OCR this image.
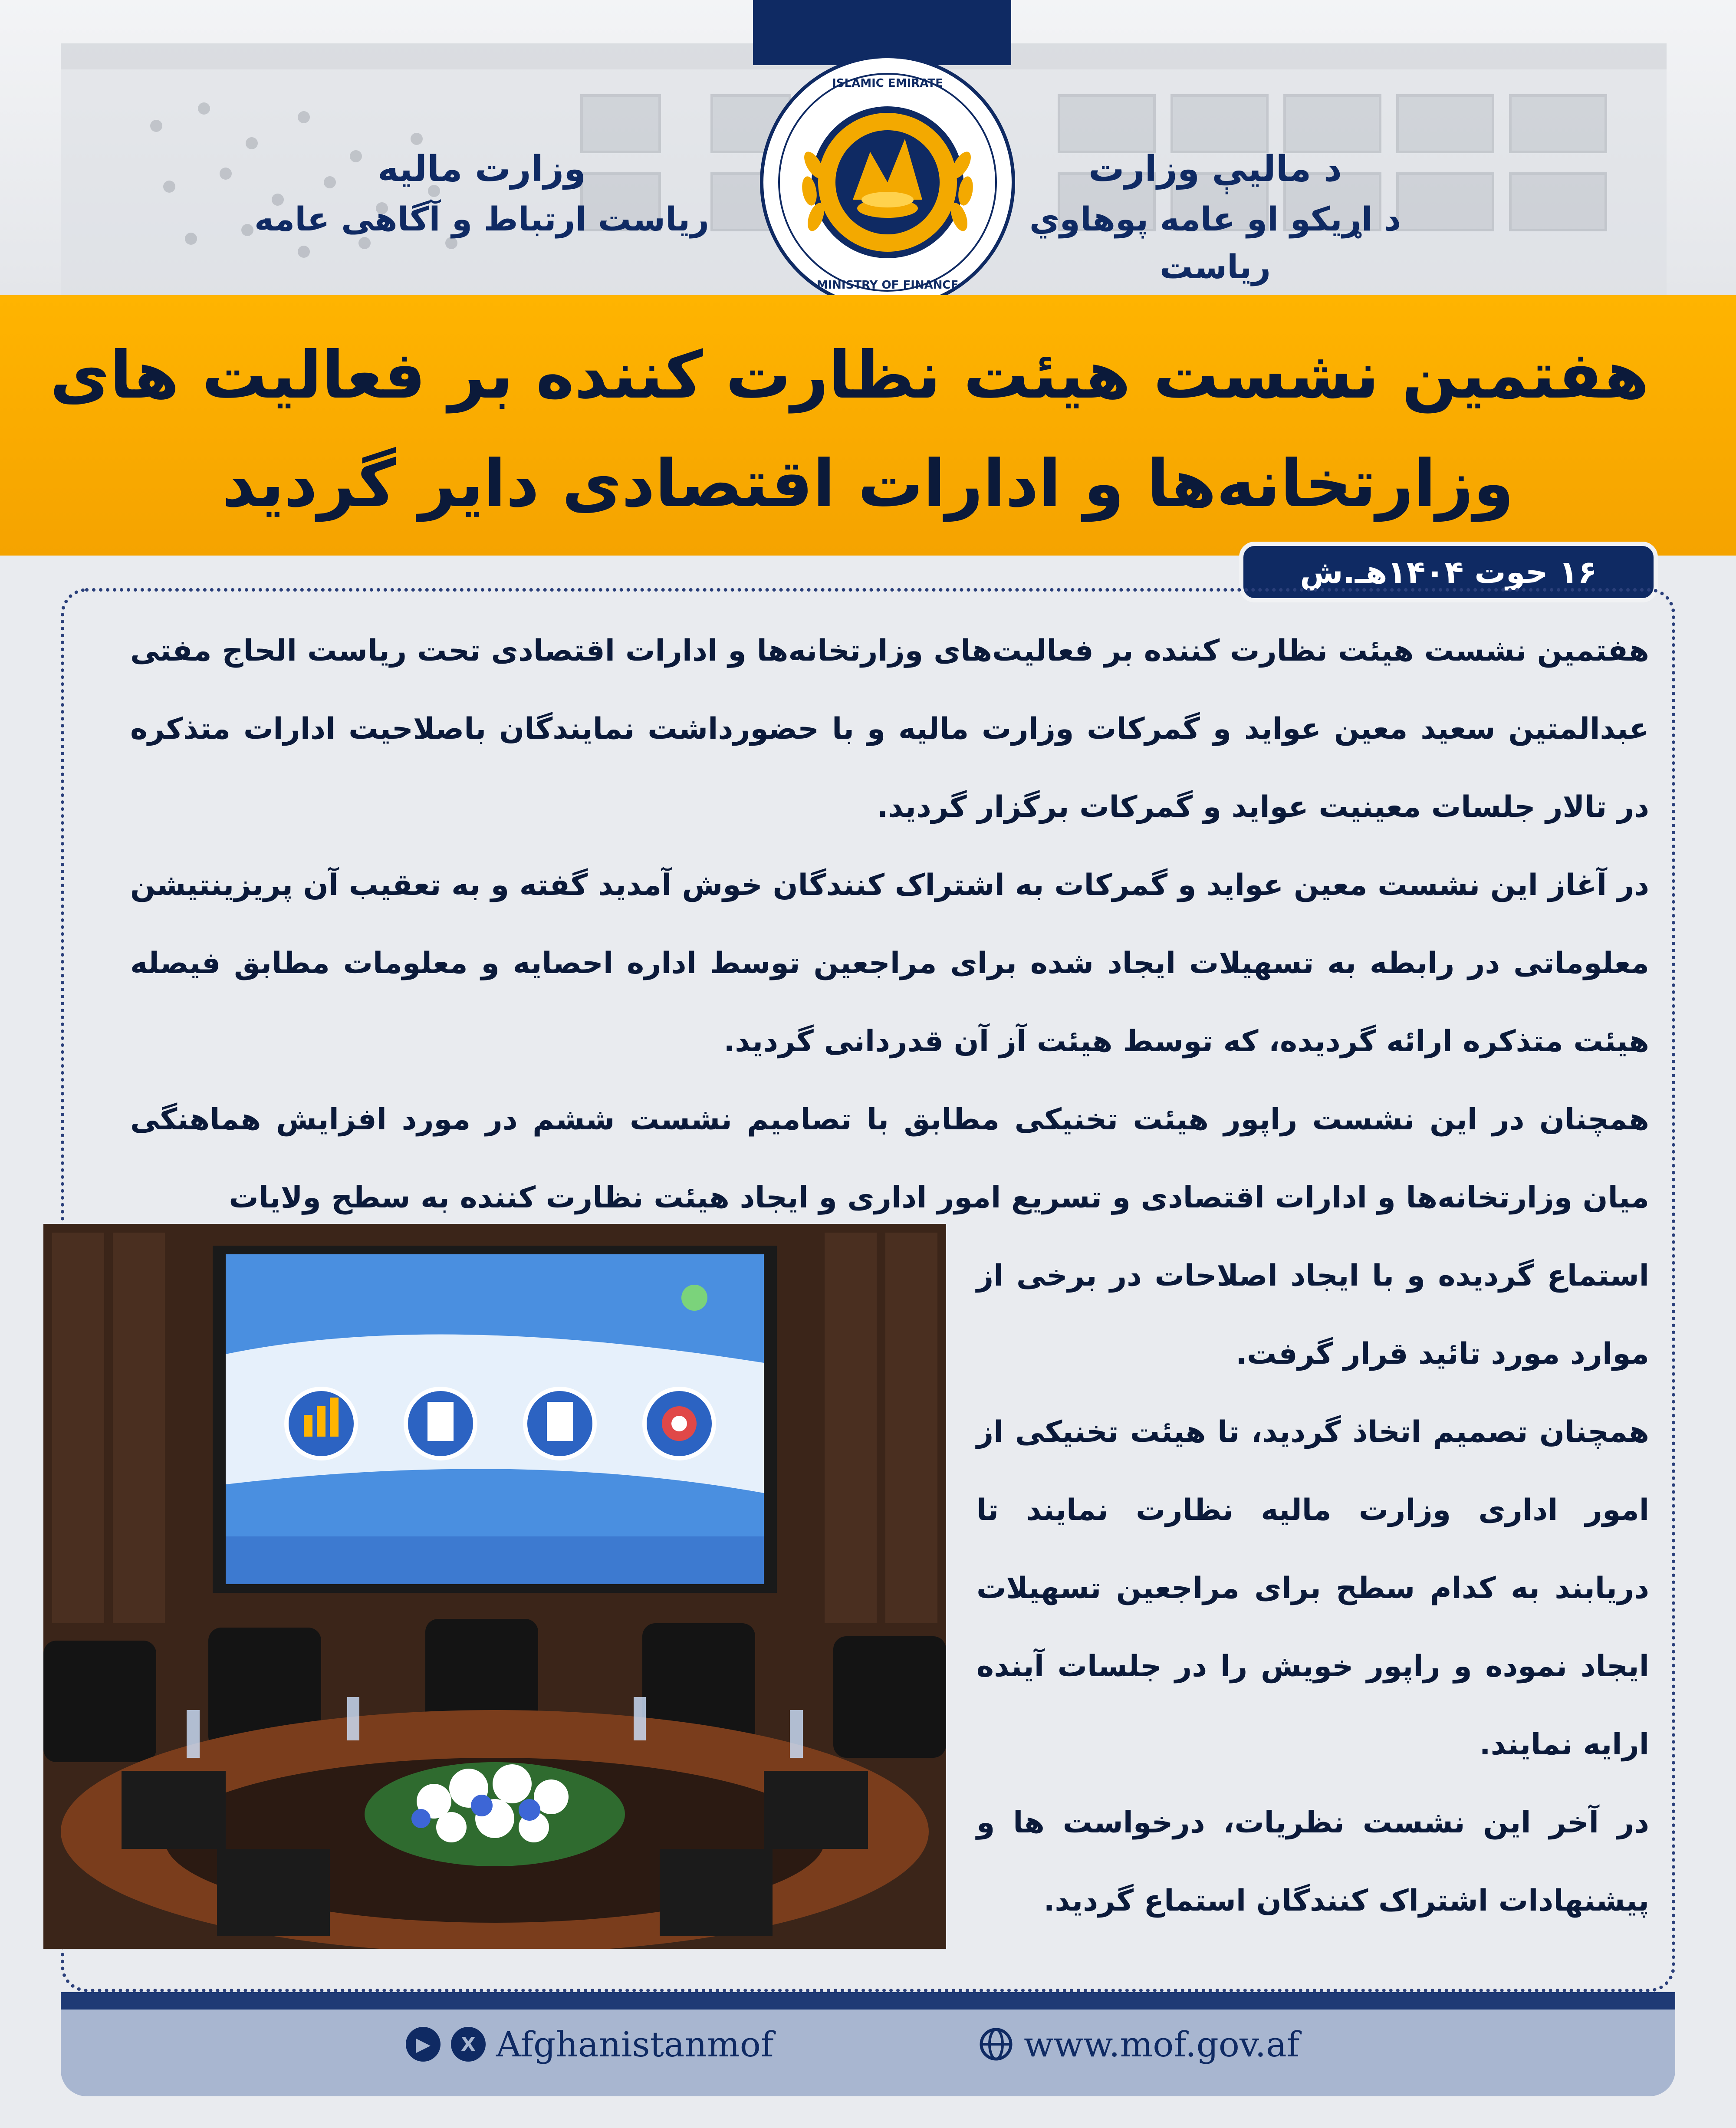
ISLAMIC EMIRATE
MINISTRY OF FINANCE
وزارت مالیه
ریاست ارتباط و آگاهی عامه
د مالیې وزارت
د اړیکو او عامه پوهاوي ریاست
هفتمین نشست هیئت نظارت کننده بر فعالیت های
وزارتخانه‌ها و ادارات اقتصادی دایر گردید
۱۶ حوت ۱۴۰۴هـ.ش

هفتمین نشست هیئت نظارت کننده بر فعالیت‌های وزارتخانه‌ها و ادارات اقتصادی تحت ریاست الحاج مفتی عبدالمتین سعید معین عواید و گمرکات وزارت مالیه و با حضورداشت نمایندگان باصلاحیت ادارات متذکره در تالار جلسات معینیت عواید و گمرکات برگزار گردید.

در آغاز این نشست معین عواید و گمرکات به اشتراک کنندگان خوش آمدید گفته و به تعقیب آن پریزینتیشن معلوماتی در رابطه به تسهیلات ایجاد شده برای مراجعین توسط اداره احصایه و معلومات مطابق فیصله هیئت متذکره ارائه گردیده، که توسط هیئت آز آن قدردانی گردید.

همچنان در این نشست راپور هیئت تخنیکی مطابق با تصامیم نشست ششم در مورد افزایش هماهنگی میان وزارتخانه‌ها و ادارات اقتصادی و تسریع امور اداری و ایجاد هیئت نظارت کننده به سطح ولایات

استماع گردیده و با ایجاد اصلاحات در برخی از موارد مورد تائید قرار گرفت.

همچنان تصمیم اتخاذ گردید، تا هیئت تخنیکی از امور اداری وزارت مالیه نظارت نمایند تا دریابند به کدام سطح برای مراجعین تسهیلات ایجاد نموده و راپور خویش را در جلسات آینده ارایه نمایند.

در آخر این نشست نظریات، درخواست ها و پیشنهادات اشتراک کنندگان استماع گردید.

▶	X Afghanistanmof	www.mof.gov.af
